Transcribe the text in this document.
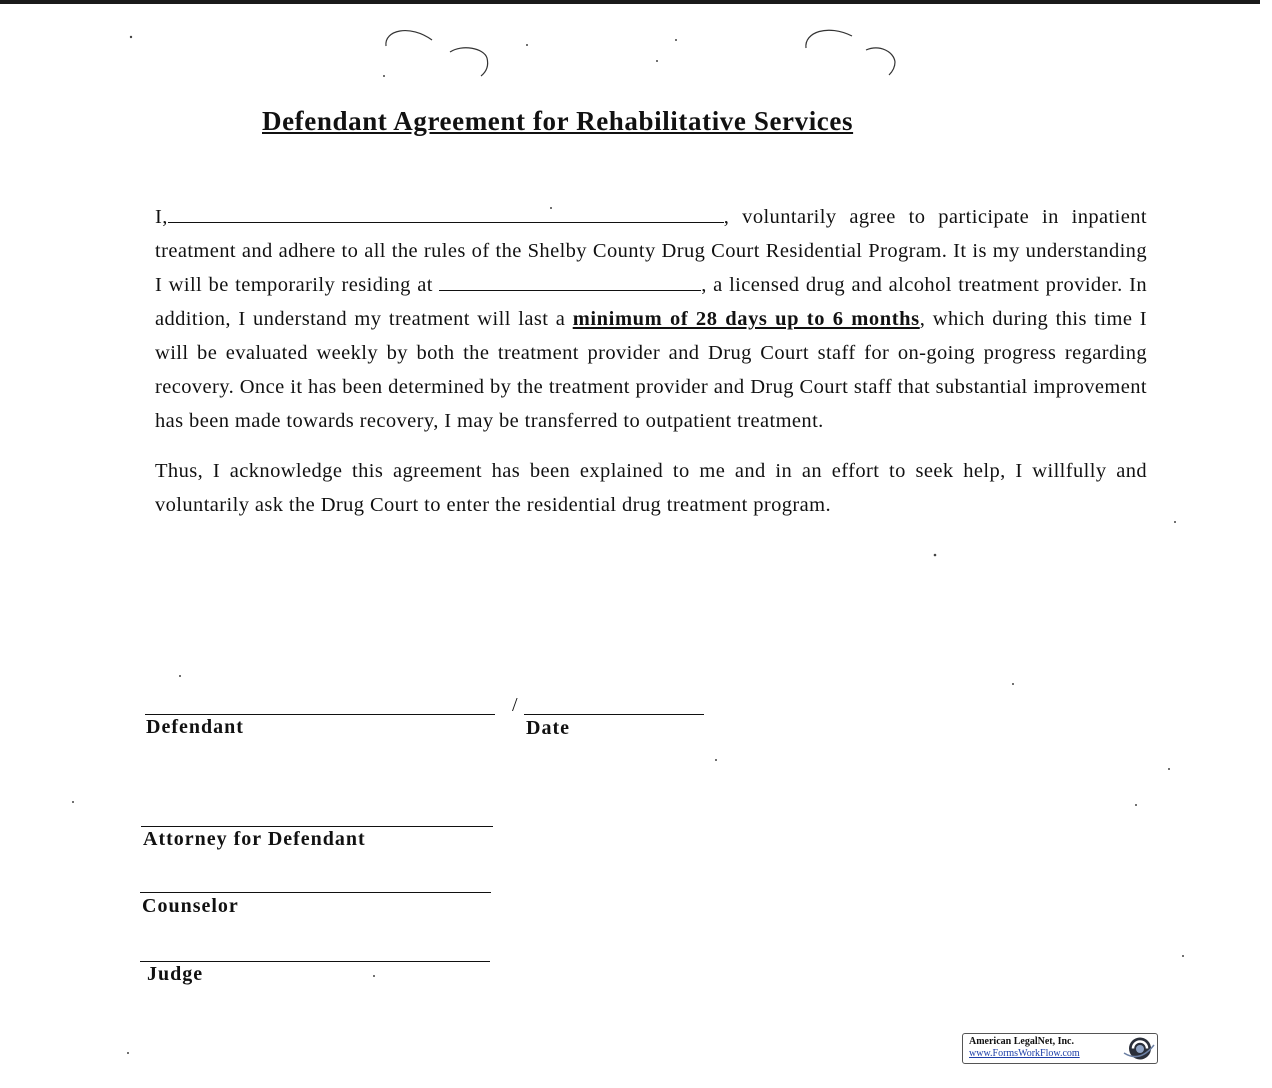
Defendant Agreement for Rehabilitative Services

I,	, voluntarily agree to participate in inpatient treatment and adhere to all the rules of the Shelby County Drug Court Residential Program. It is my understanding I will be temporarily residing at	, a licensed drug and alcohol treatment provider. In addition, I understand my treatment will last a minimum of 28 days up to 6 months, which during this time I will be evaluated weekly by both the treatment provider and Drug Court staff for on-going progress regarding recovery. Once it has been determined by the treatment provider and Drug Court staff that substantial improvement has been made towards recovery, I may be transferred to outpatient treatment.

Thus, I acknowledge this agreement has been explained to me and in an effort to seek help, I willfully and voluntarily ask the Drug Court to enter the residential drug treatment program.

/
Defendant	Date
Attorney for Defendant
Counselor
Judge
American LegalNet, Inc.
www.FormsWorkFlow.com
